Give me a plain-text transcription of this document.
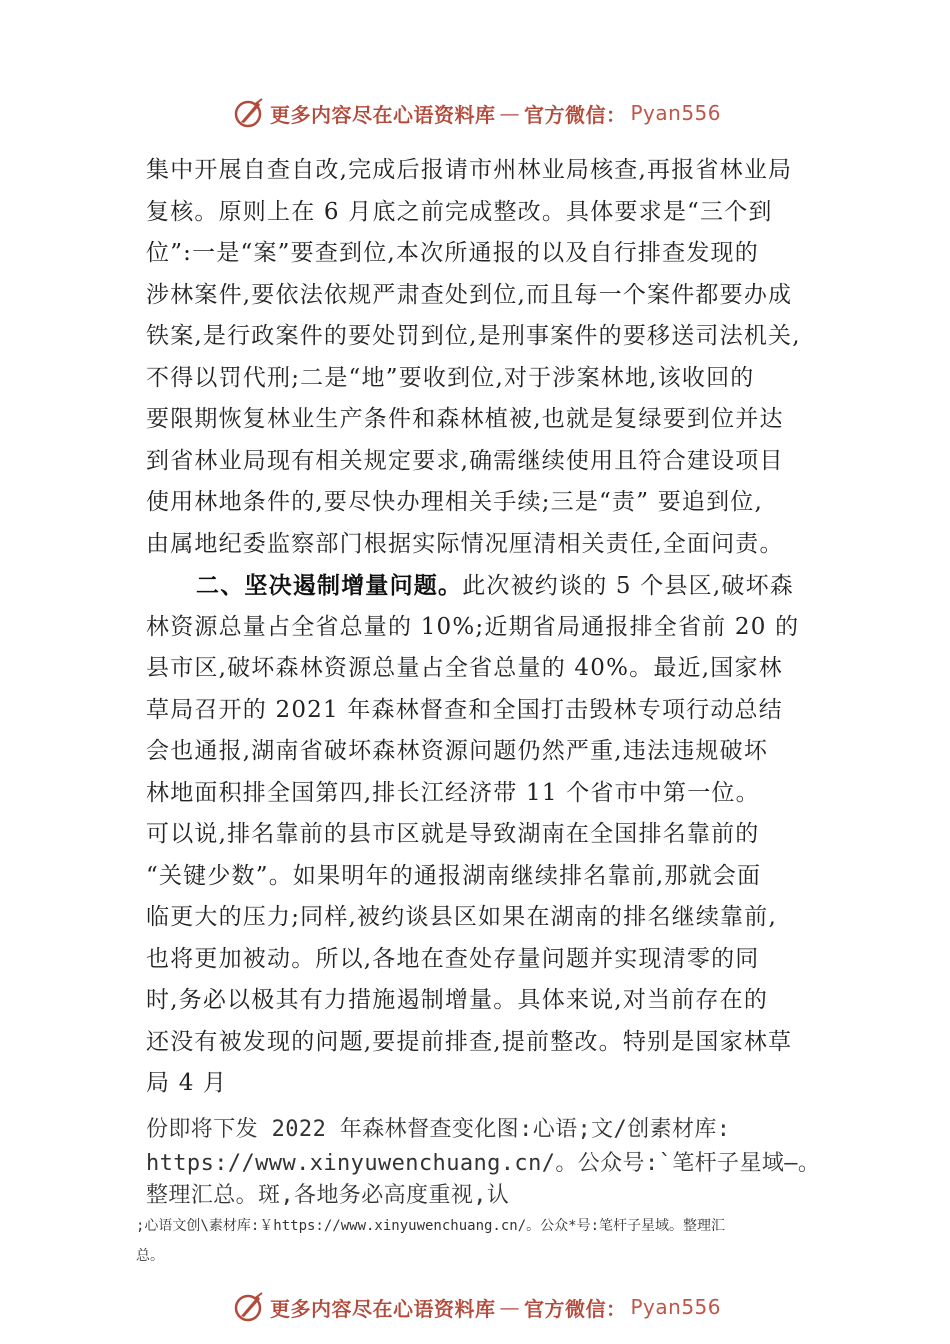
更多内容尽在心语资料库 — 官方微信： Pyan556
集中开展自查自改,完成后报请市州林业局核查,再报省林业局
复核。原则上在 6 月底之前完成整改。具体要求是“三个到
位”:一是“案”要查到位,本次所通报的以及自行排查发现的
涉林案件,要依法依规严肃查处到位,而且每一个案件都要办成
铁案,是行政案件的要处罚到位,是刑事案件的要移送司法机关,
不得以罚代刑;二是“地”要收到位,对于涉案林地,该收回的
要限期恢复林业生产条件和森林植被,也就是复绿要到位并达
到省林业局现有相关规定要求,确需继续使用且符合建设项目
使用林地条件的,要尽快办理相关手续;三是“责” 要追到位,
由属地纪委监察部门根据实际情况厘清相关责任,全面问责。
二、坚决遏制增量问题。此次被约谈的 5 个县区,破坏森
林资源总量占全省总量的 10%;近期省局通报排全省前 20 的
县市区,破坏森林资源总量占全省总量的 40%。最近,国家林
草局召开的 2021 年森林督查和全国打击毁林专项行动总结
会也通报,湖南省破坏森林资源问题仍然严重,违法违规破坏
林地面积排全国第四,排长江经济带 11 个省市中第一位。
可以说,排名靠前的县市区就是导致湖南在全国排名靠前的
“关键少数”。如果明年的通报湖南继续排名靠前,那就会面
临更大的压力;同样,被约谈县区如果在湖南的排名继续靠前,
也将更加被动。所以,各地在查处存量问题并实现清零的同
时,务必以极其有力措施遏制增量。具体来说,对当前存在的
还没有被发现的问题,要提前排查,提前整改。特别是国家林草
局 4 月
份即将下发 2022 年森林督查变化图:心语;文/创素材库:
https://www.xinyuwenchuang.cn/。公众号:`笔杆子星域—。
整理汇总。斑,各地务必高度重视,认
;心语文创\素材库:￥https://www.xinyuwenchuang.cn/。公众*号:笔杆子星域。整理汇
总。
更多内容尽在心语资料库 — 官方微信： Pyan556
